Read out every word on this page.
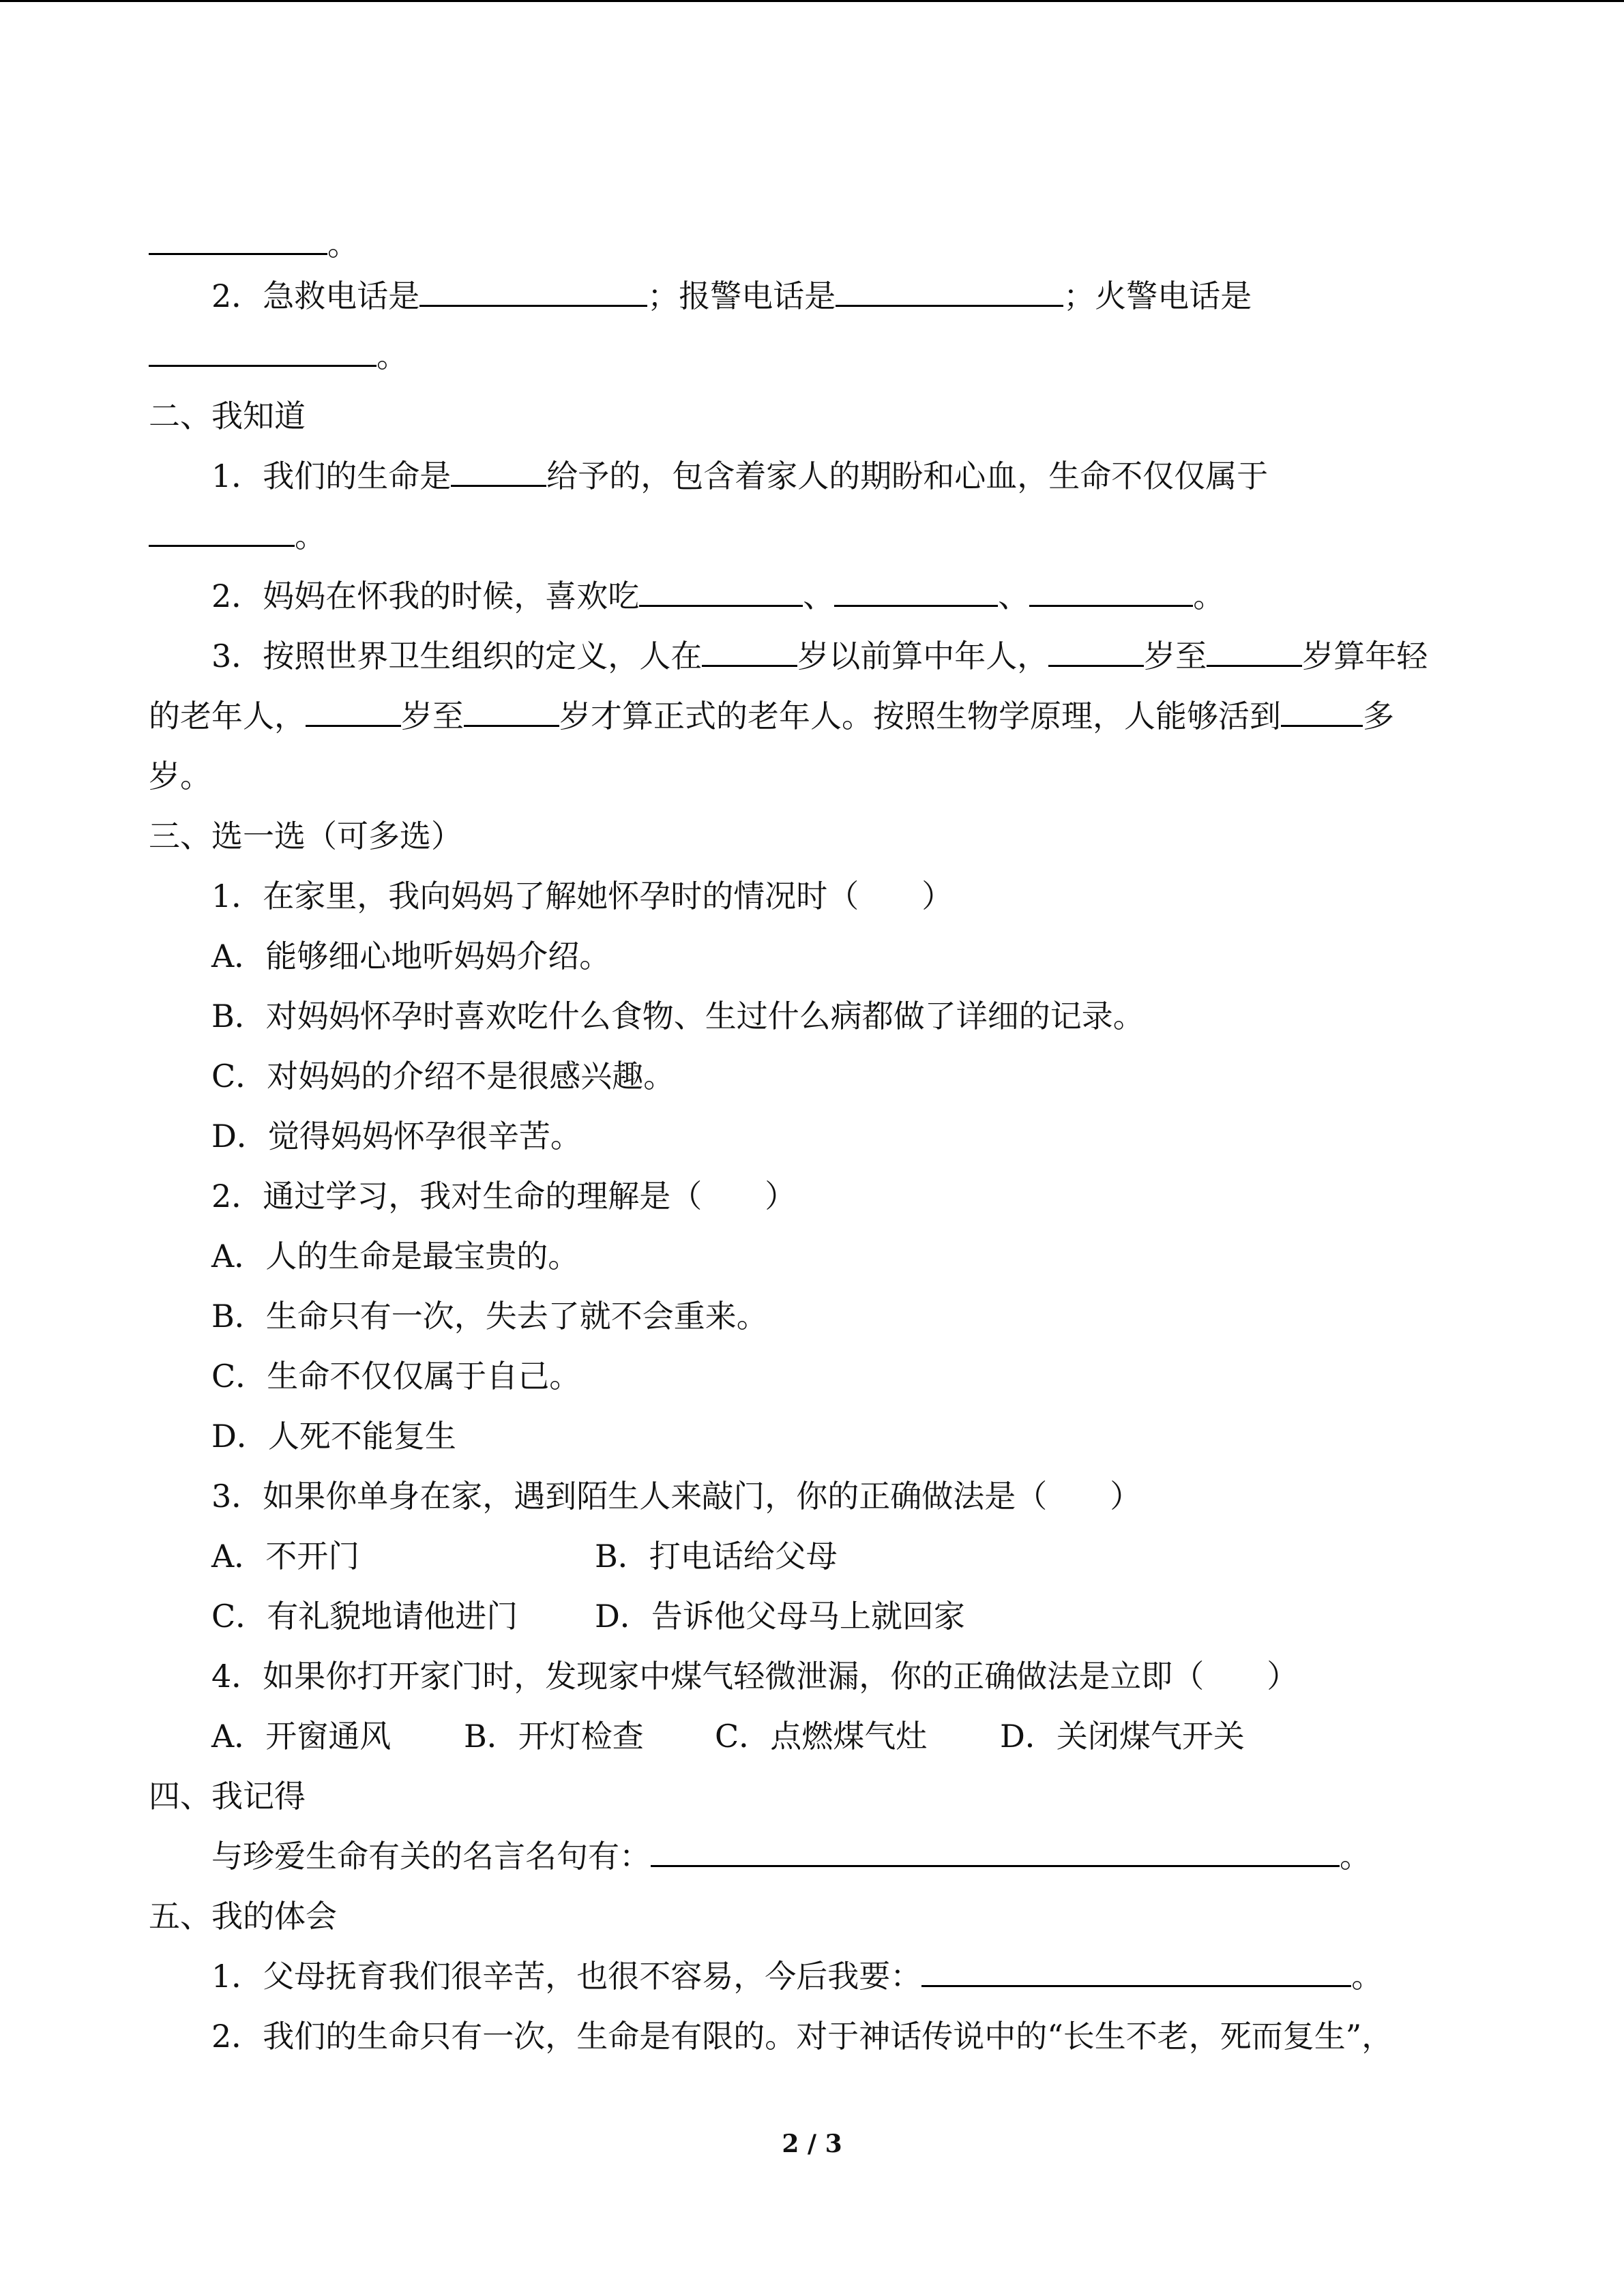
。
2．急救电话是	；报警电话是	；火警电话是
。
二、我知道
1．我们的生命是	给予的，包含着家人的期盼和心血，生命不仅仅属于
。
2．妈妈在怀我的时候，喜欢吃	、	、	。
3．按照世界卫生组织的定义，人在	岁以前算中年人，	岁至	岁算年轻
的老年人，	岁至	岁才算正式的老年人。按照生物学原理，人能够活到	多
岁。
三、选一选（可多选）
1．在家里，我向妈妈了解她怀孕时的情况时（　　）
A．能够细心地听妈妈介绍。
B．对妈妈怀孕时喜欢吃什么食物、生过什么病都做了详细的记录。
C．对妈妈的介绍不是很感兴趣。
D．觉得妈妈怀孕很辛苦。
2．通过学习，我对生命的理解是（　　）
A．人的生命是最宝贵的。
B．生命只有一次，失去了就不会重来。
C．生命不仅仅属于自己。
D．人死不能复生
3．如果你单身在家，遇到陌生人来敲门，你的正确做法是（　　）
A．不开门	B．打电话给父母
C．有礼貌地请他进门 D．告诉他父母马上就回家
4．如果你打开家门时，发现家中煤气轻微泄漏，你的正确做法是立即（　　）
A．开窗通风 B．开灯检查 C．点燃煤气灶 D．关闭煤气开关
四、我记得
与珍爱生命有关的名言名句有：	。
五、我的体会
1．父母抚育我们很辛苦，也很不容易，今后我要：	。
2．我们的生命只有一次，生命是有限的。对于神话传说中的“长生不老，死而复生”，
2 / 3
